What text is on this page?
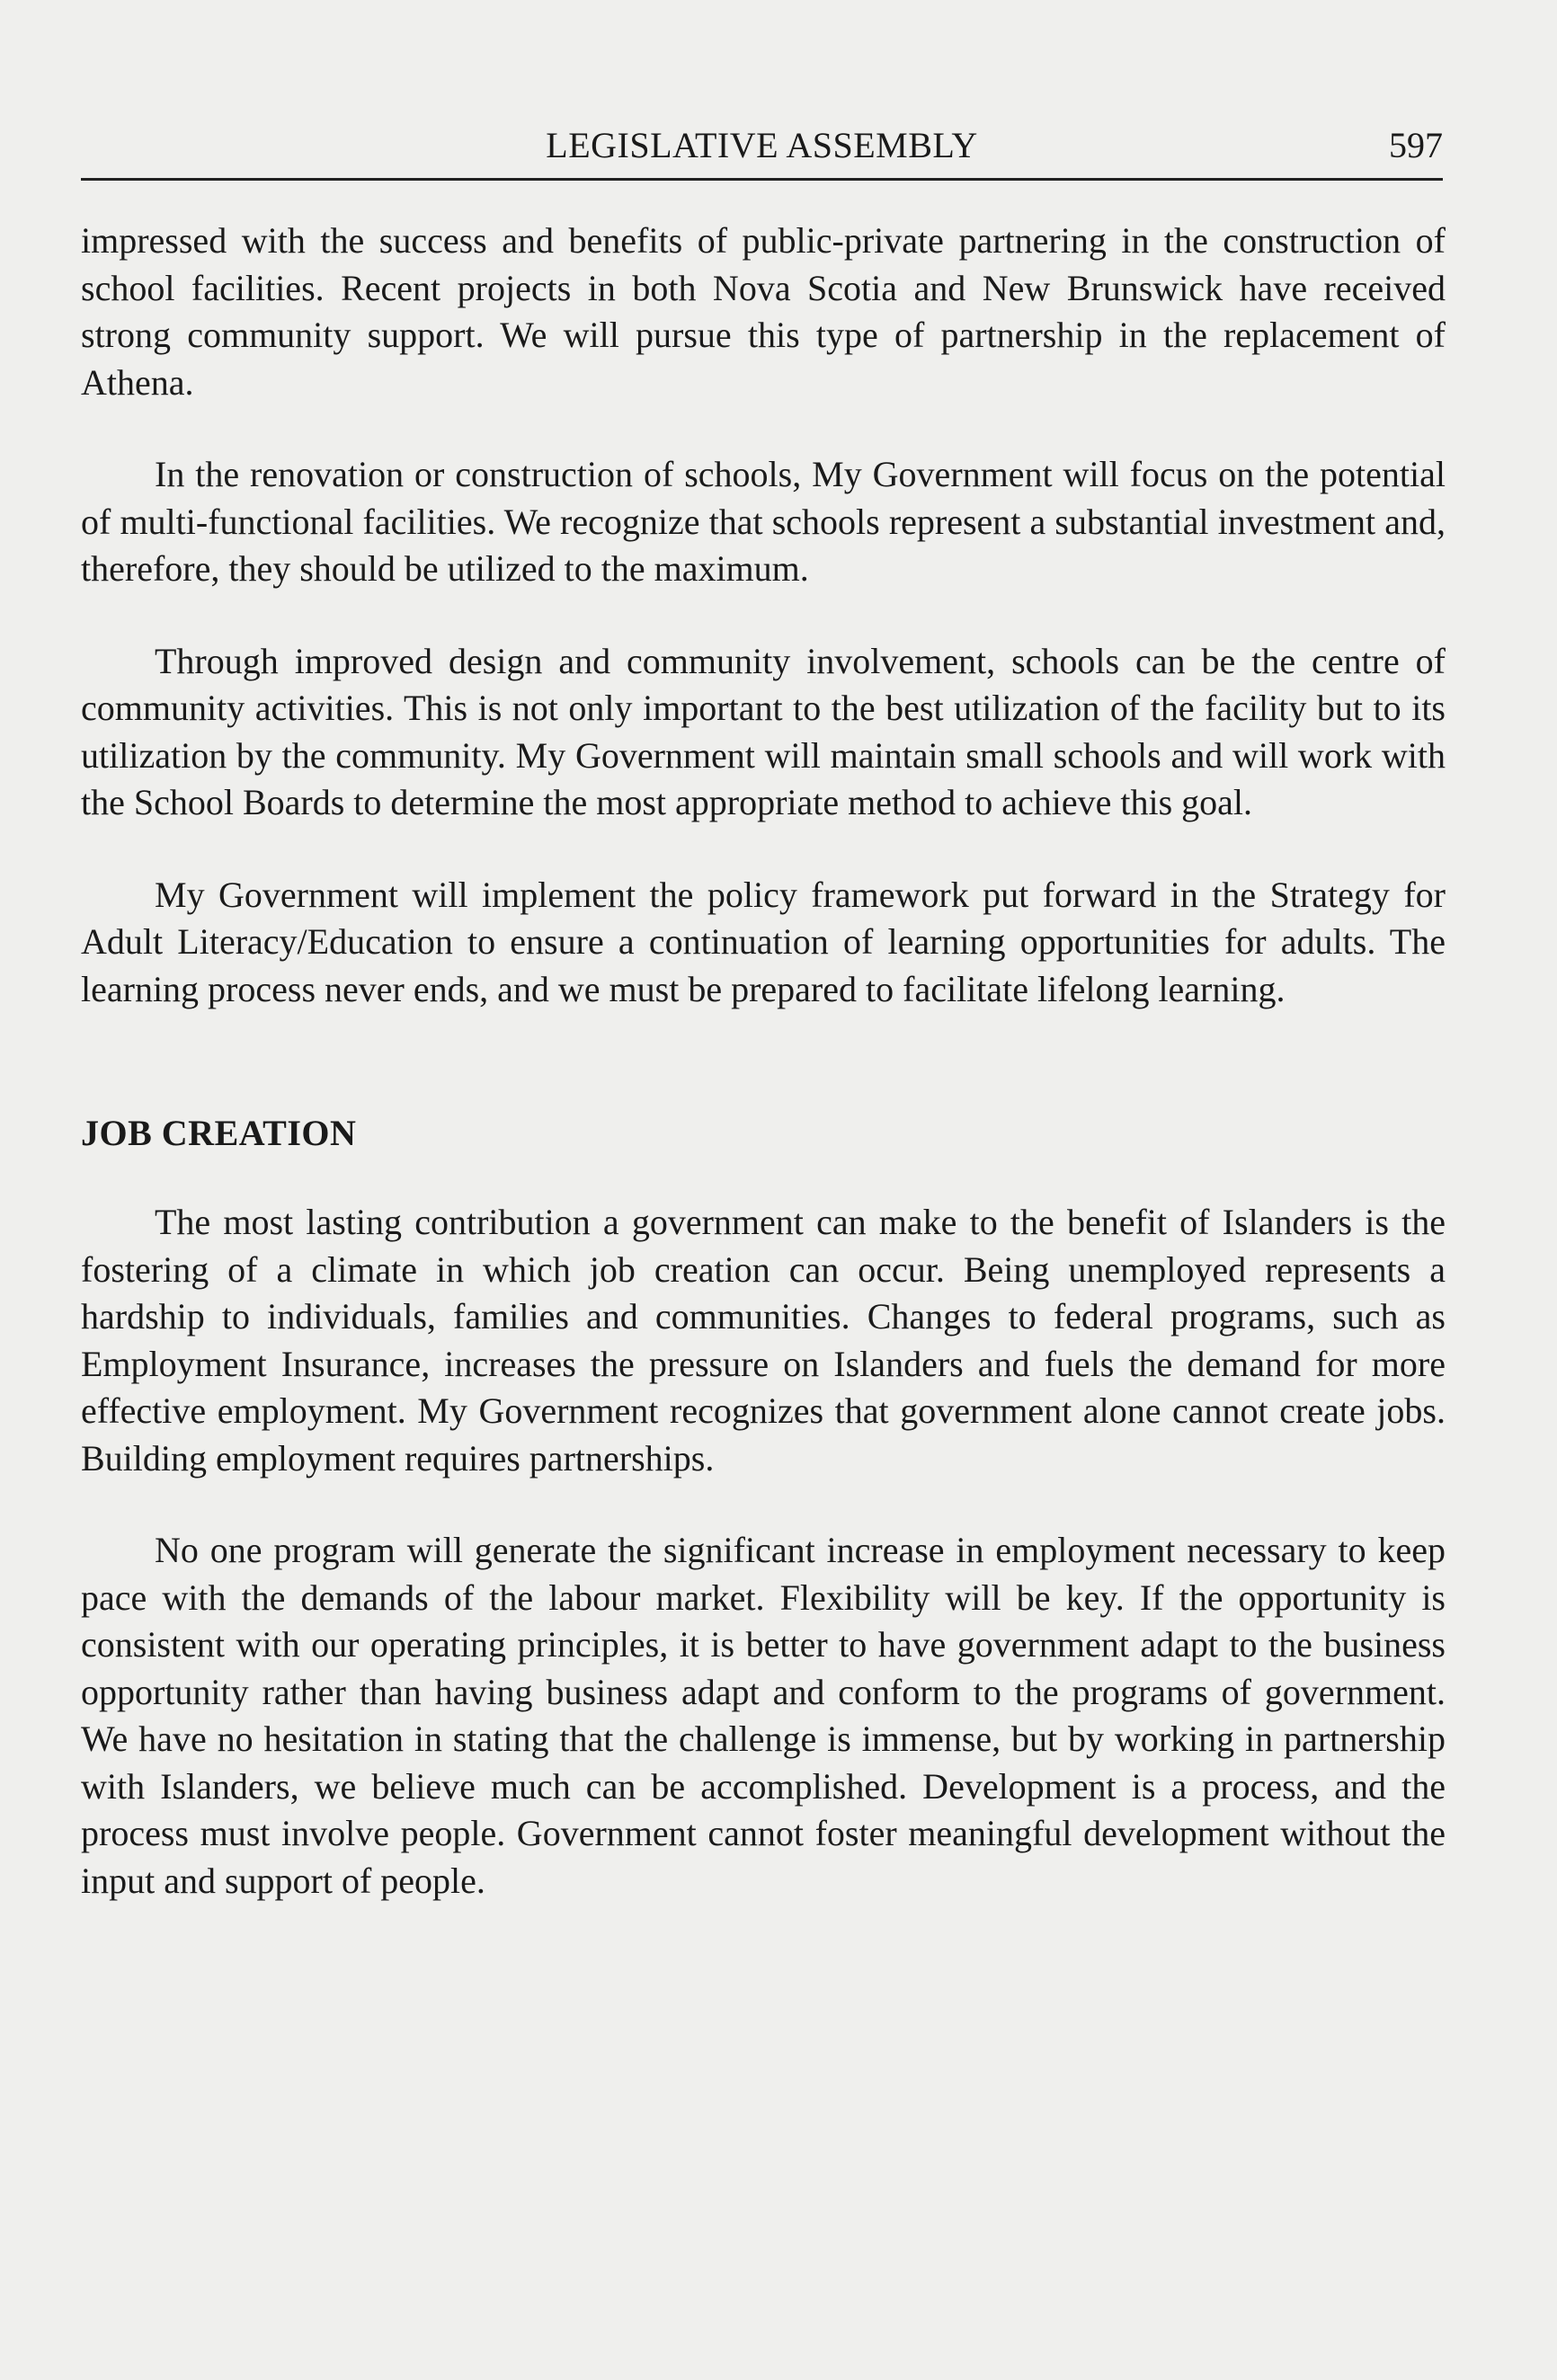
LEGISLATIVE ASSEMBLY	597

impressed with the success and benefits of public-private partnering in the construction of school facilities. Recent projects in both Nova Scotia and New Brunswick have received strong community support. We will pursue this type of partnership in the replacement of Athena.

In the renovation or construction of schools, My Government will focus on the potential of multi-functional facilities. We recognize that schools represent a substantial investment and, therefore, they should be utilized to the maximum.

Through improved design and community involvement, schools can be the centre of community activities. This is not only important to the best utilization of the facility but to its utilization by the community. My Government will maintain small schools and will work with the School Boards to determine the most appropriate method to achieve this goal.

My Government will implement the policy framework put forward in the Strategy for Adult Literacy/Education to ensure a continuation of learning opportunities for adults. The learning process never ends, and we must be prepared to facilitate lifelong learning.

JOB CREATION

The most lasting contribution a government can make to the benefit of Islanders is the fostering of a climate in which job creation can occur. Being unemployed represents a hardship to individuals, families and communities. Changes to federal programs, such as Employment Insurance, increases the pressure on Islanders and fuels the demand for more effective employment. My Government recognizes that government alone cannot create jobs. Building employment requires partnerships.

No one program will generate the significant increase in employment necessary to keep pace with the demands of the labour market. Flexibility will be key. If the opportunity is consistent with our operating principles, it is better to have government adapt to the business opportunity rather than having business adapt and conform to the programs of government. We have no hesitation in stating that the challenge is immense, but by working in partnership with Islanders, we believe much can be accomplished. Development is a process, and the process must involve people. Government cannot foster meaningful development without the input and support of people.
